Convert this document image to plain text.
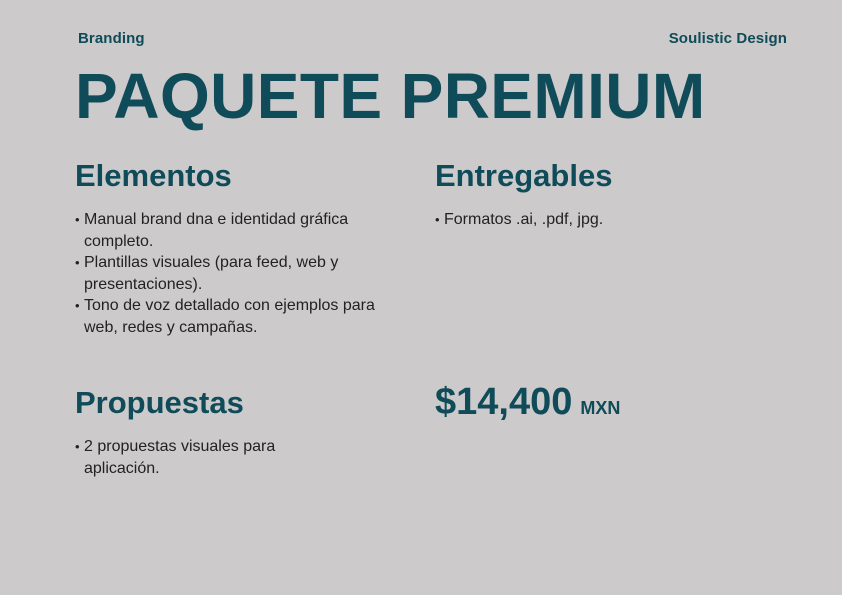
Branding	Soulistic Design
PAQUETE PREMIUM
Elementos
• Manual brand dna e identidad gráfica completo.
• Plantillas visuales (para feed, web y presentaciones).
• Tono de voz detallado con ejemplos para web, redes y campañas.
Entregables
• Formatos .ai, .pdf, jpg.
Propuestas
• 2 propuestas visuales para aplicación.
$14,400 MXN
